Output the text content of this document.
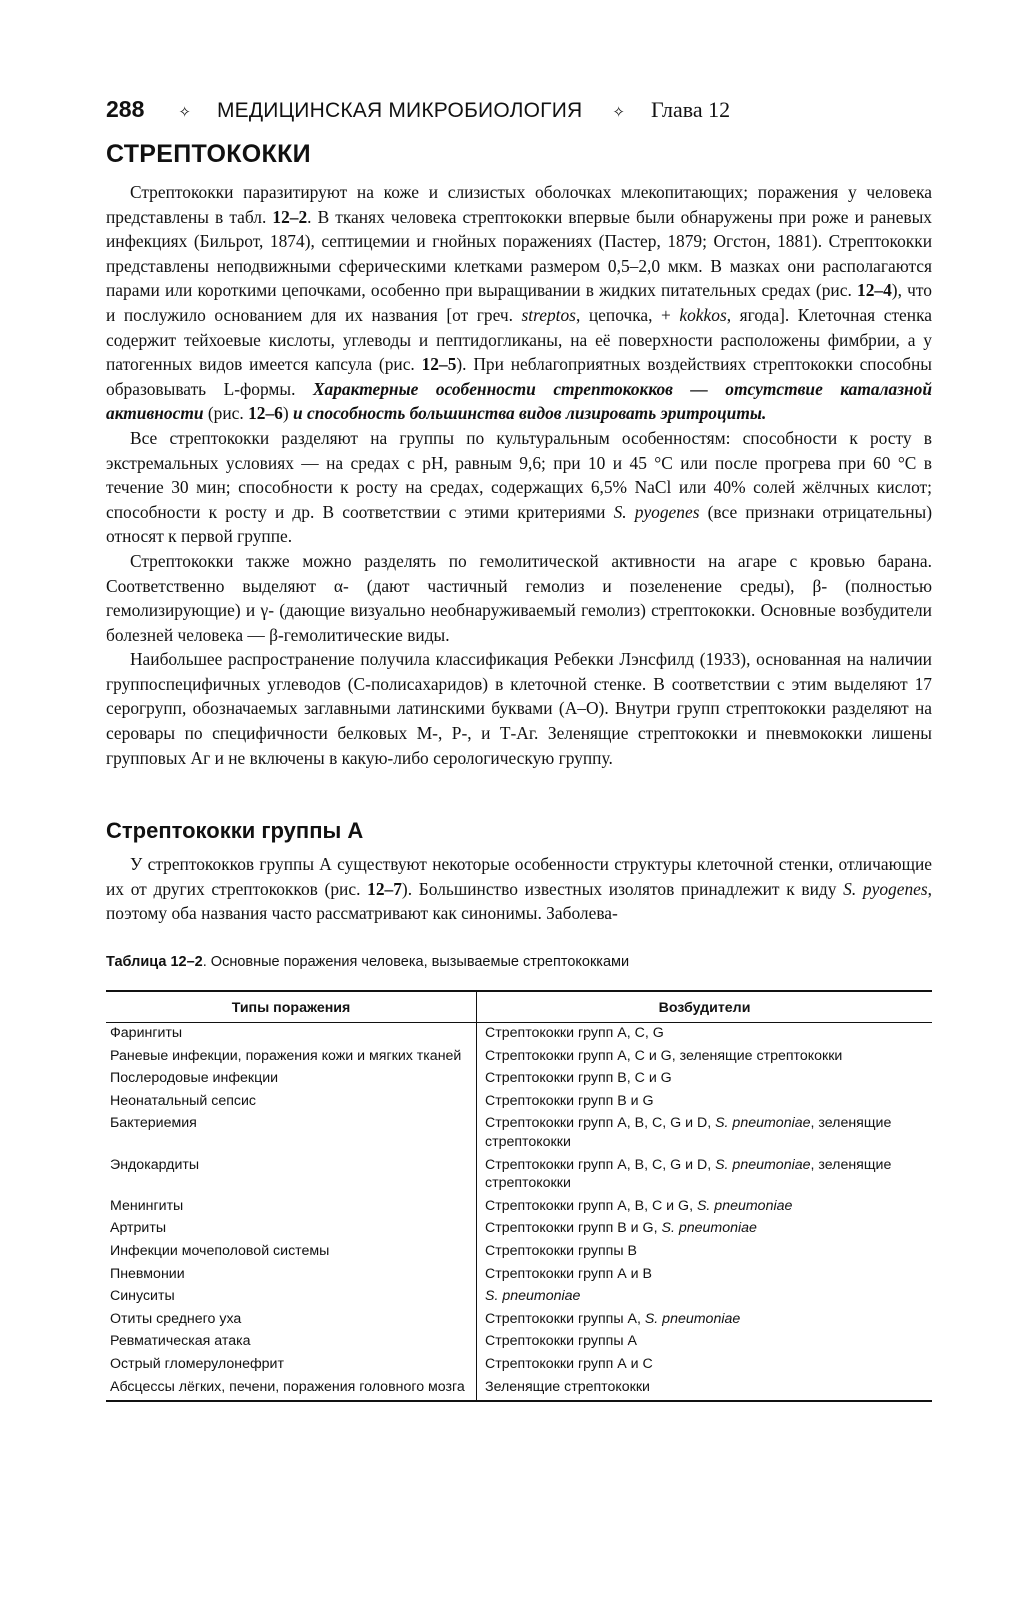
288 ✧ МЕДИЦИНСКАЯ МИКРОБИОЛОГИЯ ✧ Глава 12
СТРЕПТОКОККИ

Стрептококки паразитируют на коже и слизистых оболочках млекопитающих; поражения у человека представлены в табл. 12–2. В тканях человека стрептококки впервые были обнаружены при роже и раневых инфекциях (Бильрот, 1874), септицемии и гнойных поражениях (Пастер, 1879; Огстон, 1881). Стрептококки представлены неподвижными сферическими клетками размером 0,5–2,0 мкм. В мазках они располагаются парами или короткими цепочками, особенно при выращивании в жидких питательных средах (рис. 12–4), что и послужило основанием для их названия [от греч. streptos, цепочка, + kokkos, ягода]. Клеточная стенка содержит тейхоевые кислоты, углеводы и пептидогликаны, на её поверхности расположены фимбрии, а у патогенных видов имеется капсула (рис. 12–5). При неблагоприятных воздействиях стрептококки способны образовывать L-формы. Характерные особенности стрептококков — отсутствие каталазной активности (рис. 12–6) и способность большинства видов лизировать эритроциты.

Все стрептококки разделяют на группы по культуральным особенностям: способности к росту в экстремальных условиях — на средах с pH, равным 9,6; при 10 и 45 °С или после прогрева при 60 °С в течение 30 мин; способности к росту на средах, содержащих 6,5% NaCl или 40% солей жёлчных кислот; способности к росту и др. В соответствии с этими критериями S. pyogenes (все признаки отрицательны) относят к первой группе.

Стрептококки также можно разделять по гемолитической активности на агаре с кровью барана. Соответственно выделяют α- (дают частичный гемолиз и позеленение среды), β- (полностью гемолизирующие) и γ- (дающие визуально необнаруживаемый гемолиз) стрептококки. Основные возбудители болезней человека — β-гемолитические виды.

Наибольшее распространение получила классификация Ребекки Лэнсфилд (1933), основанная на наличии группоспецифичных углеводов (С-полисахаридов) в клеточной стенке. В соответствии с этим выделяют 17 серогрупп, обозначаемых заглавными латинскими буквами (А–О). Внутри групп стрептококки разделяют на серовары по специфичности белковых М-, Р-, и Т-Аг. Зеленящие стрептококки и пневмококки лишены групповых Аг и не включены в какую-либо серологическую группу.

Стрептококки группы А

У стрептококков группы А существуют некоторые особенности структуры клеточной стенки, отличающие их от других стрептококков (рис. 12–7). Большинство известных изолятов принадлежит к виду S. pyogenes, поэтому оба названия часто рассматривают как синонимы. Заболева-

Таблица 12–2. Основные поражения человека, вызываемые стрептококками
Типы поражения	Возбудители
Фарингиты	Стрептококки групп А, С, G
Раневые инфекции, поражения кожи и мягких тканей	Стрептококки групп А, С и G, зеленящие стрептококки
Послеродовые инфекции	Стрептококки групп В, С и G
Неонатальный сепсис	Стрептококки групп В и G
Бактериемия	Стрептококки групп А, В, С, G и D, S. pneumoniae, зеленящие стрептококки
Эндокардиты	Стрептококки групп А, В, С, G и D, S. pneumoniae, зеленящие стрептококки
Менингиты	Стрептококки групп А, В, С и G, S. pneumoniae
Артриты	Стрептококки групп В и G, S. pneumoniae
Инфекции мочеполовой системы	Стрептококки группы В
Пневмонии	Стрептококки групп А и В
Синуситы	S. pneumoniae
Отиты среднего уха	Стрептококки группы А, S. pneumoniae
Ревматическая атака	Стрептококки группы А
Острый гломерулонефрит	Стрептококки групп А и С
Абсцессы лёгких, печени, поражения головного мозга	Зеленящие стрептококки
